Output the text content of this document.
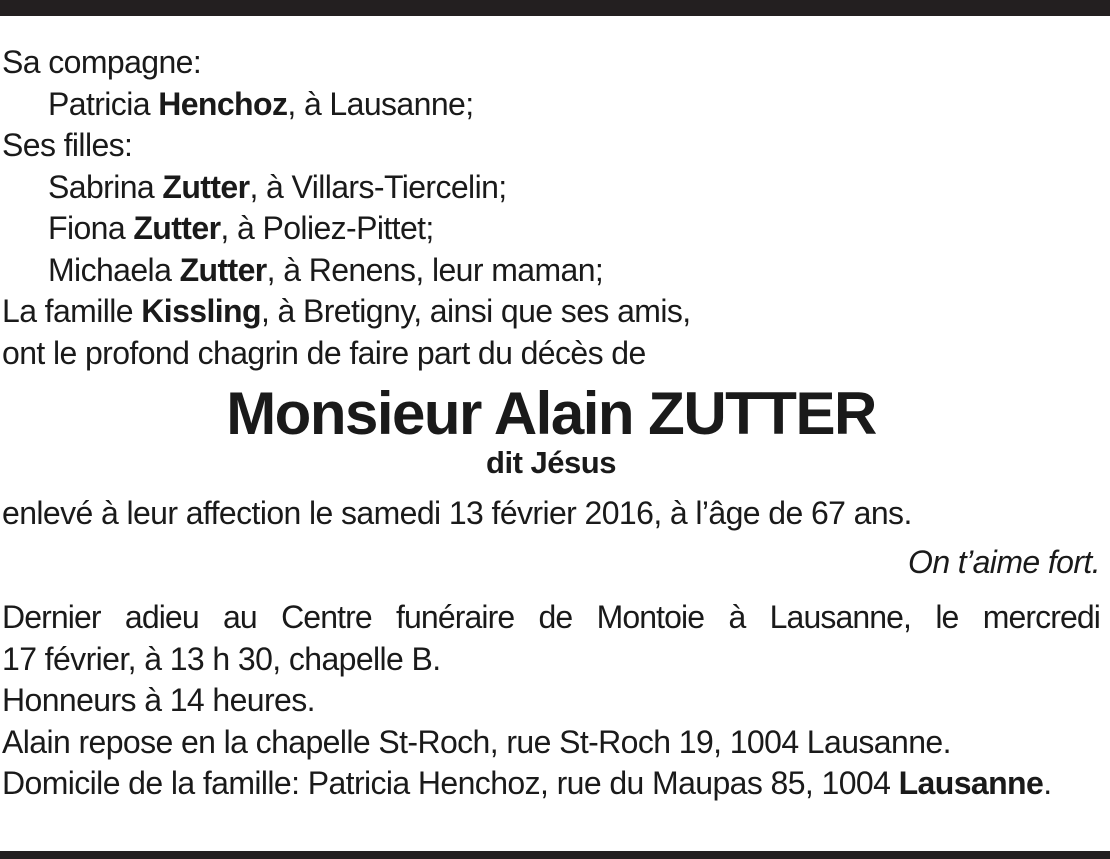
Sa compagne:
Patricia Henchoz, à Lausanne;
Ses filles:
Sabrina Zutter, à Villars-Tiercelin;
Fiona Zutter, à Poliez-Pittet;
Michaela Zutter, à Renens, leur maman;
La famille Kissling, à Bretigny, ainsi que ses amis,
ont le profond chagrin de faire part du décès de
Monsieur Alain ZUTTER
dit Jésus
enlevé à leur affection le samedi 13 février 2016, à l’âge de 67 ans.
On t’aime fort.
Dernier adieu au Centre funéraire de Montoie à Lausanne, le mercredi
17 février, à 13 h 30, chapelle B.
Honneurs à 14 heures.
Alain repose en la chapelle St-Roch, rue St-Roch 19, 1004 Lausanne.
Domicile de la famille: Patricia Henchoz, rue du Maupas 85, 1004 Lausanne.
